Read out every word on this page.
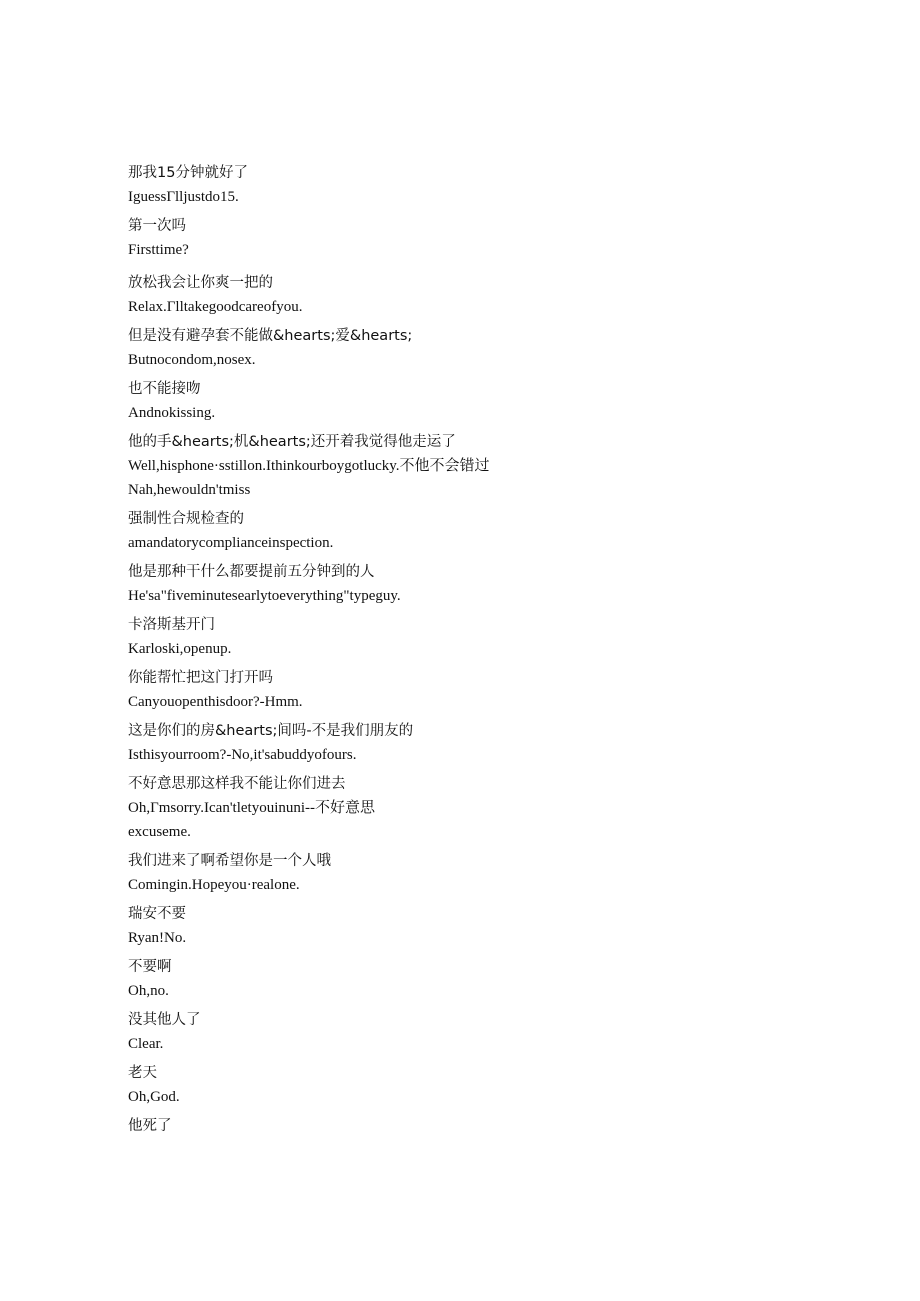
那我15分钟就好了
IguessΓlljustdo15.
第一次吗
Firsttime?
放松我会让你爽一把的
Relax.Γlltakegoodcareofyou.
但是没有避孕套不能做&hearts;爱&hearts;
Butnocondom,nosex.
也不能接吻
Andnokissing.
他的手&hearts;机&hearts;还开着我觉得他走运了
Well,hisphone·sstillon.Ithinkourboygotlucky.不他不会错过
Nah,hewouldn'tmiss
强制性合规检查的
amandatorycomplianceinspection.
他是那种干什么都要提前五分钟到的人
He'sa"fiveminutesearlytoeverything"typeguy.
卡洛斯基开门
Karloski,openup.
你能帮忙把这门打开吗
Canyouopenthisdoor?-Hmm.
这是你们的房&hearts;间吗-不是我们朋友的
Isthisyourroom?-No,it'sabuddyofours.
不好意思那这样我不能让你们进去
Oh,Γmsorry.Ican'tletyouinuni--不好意思
excuseme.
我们进来了啊希望你是一个人哦
Comingin.Hopeyou·realone.
瑞安不要
Ryan!No.
不要啊
Oh,no.
没其他人了
Clear.
老天
Oh,God.
他死了
